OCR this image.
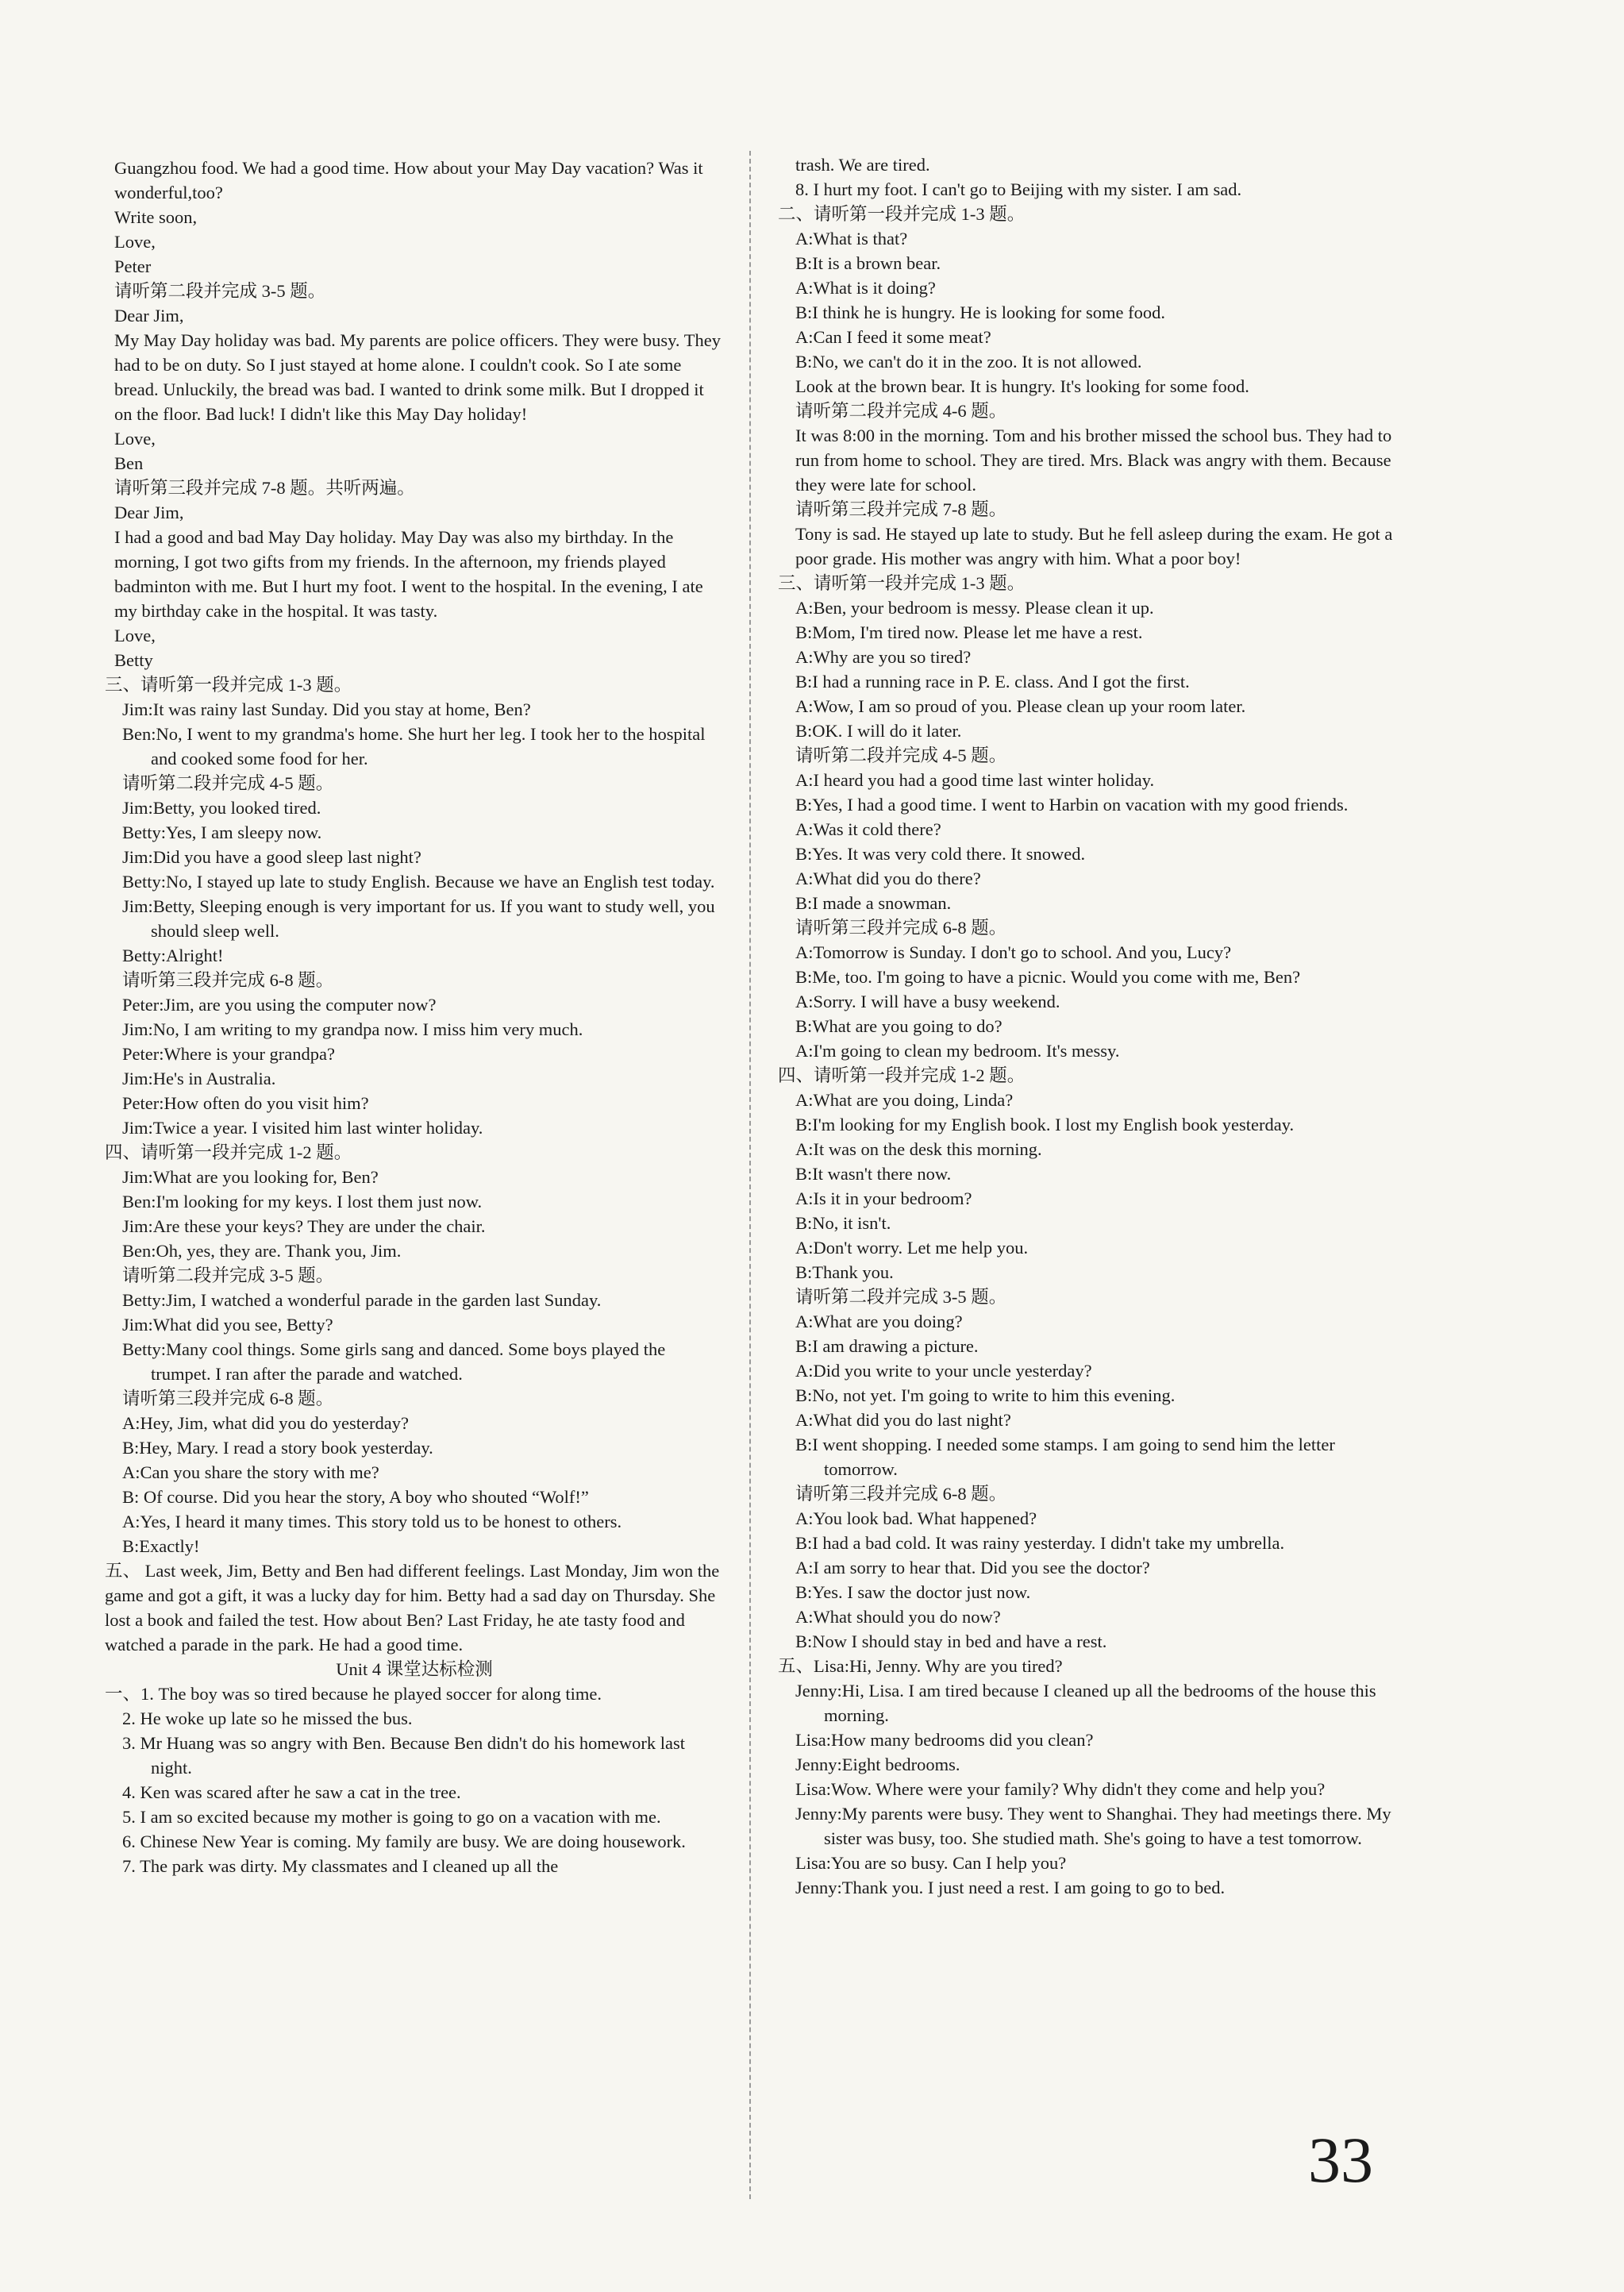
Guangzhou food. We had a good time. How about your May Day vacation? Was it wonderful,too?

Write soon,

Love,

Peter

请听第二段并完成 3-5 题。

Dear Jim,

My May Day holiday was bad. My parents are police officers. They were busy. They had to be on duty. So I just stayed at home alone. I couldn't cook. So I ate some bread. Unluckily, the bread was bad. I wanted to drink some milk. But I dropped it on the floor. Bad luck! I didn't like this May Day holiday!

Love,

Ben

请听第三段并完成 7-8 题。共听两遍。

Dear Jim,

I had a good and bad May Day holiday. May Day was also my birthday. In the morning, I got two gifts from my friends. In the afternoon, my friends played badminton with me. But I hurt my foot. I went to the hospital. In the evening, I ate my birthday cake in the hospital. It was tasty.

Love,

Betty

三、请听第一段并完成 1-3 题。

Jim:It was rainy last Sunday. Did you stay at home, Ben?

Ben:No, I went to my grandma's home. She hurt her leg. I took her to the hospital and cooked some food for her.

请听第二段并完成 4-5 题。

Jim:Betty, you looked tired.

Betty:Yes, I am sleepy now.

Jim:Did you have a good sleep last night?

Betty:No, I stayed up late to study English. Because we have an English test today.

Jim:Betty, Sleeping enough is very important for us. If you want to study well, you should sleep well.

Betty:Alright!

请听第三段并完成 6-8 题。

Peter:Jim, are you using the computer now?

Jim:No, I am writing to my grandpa now. I miss him very much.

Peter:Where is your grandpa?

Jim:He's in Australia.

Peter:How often do you visit him?

Jim:Twice a year. I visited him last winter holiday.

四、请听第一段并完成 1-2 题。

Jim:What are you looking for, Ben?

Ben:I'm looking for my keys. I lost them just now.

Jim:Are these your keys? They are under the chair.

Ben:Oh, yes, they are. Thank you, Jim.

请听第二段并完成 3-5 题。

Betty:Jim, I watched a wonderful parade in the garden last Sunday.

Jim:What did you see, Betty?

Betty:Many cool things. Some girls sang and danced. Some boys played the trumpet. I ran after the parade and watched.

请听第三段并完成 6-8 题。

A:Hey, Jim, what did you do yesterday?

B:Hey, Mary. I read a story book yesterday.

A:Can you share the story with me?

B: Of course. Did you hear the story, A boy who shouted “Wolf!”

A:Yes, I heard it many times. This story told us to be honest to others.

B:Exactly!

五、 Last week, Jim, Betty and Ben had different feelings. Last Monday, Jim won the game and got a gift, it was a lucky day for him. Betty had a sad day on Thursday. She lost a book and failed the test. How about Ben? Last Friday, he ate tasty food and watched a parade in the park. He had a good time.

Unit 4 课堂达标检测

一、1. The boy was so tired because he played soccer for along time.

2. He woke up late so he missed the bus.

3. Mr Huang was so angry with Ben. Because Ben didn't do his homework last night.

4. Ken was scared after he saw a cat in the tree.

5. I am so excited because my mother is going to go on a vacation with me.

6. Chinese New Year is coming. My family are busy. We are doing housework.

7. The park was dirty. My classmates and I cleaned up all the

trash. We are tired.

8. I hurt my foot. I can't go to Beijing with my sister. I am sad.

二、请听第一段并完成 1-3 题。

A:What is that?

B:It is a brown bear.

A:What is it doing?

B:I think he is hungry. He is looking for some food.

A:Can I feed it some meat?

B:No, we can't do it in the zoo. It is not allowed.

Look at the brown bear. It is hungry. It's looking for some food.

请听第二段并完成 4-6 题。

It was 8:00 in the morning. Tom and his brother missed the school bus. They had to run from home to school. They are tired. Mrs. Black was angry with them. Because they were late for school.

请听第三段并完成 7-8 题。

Tony is sad. He stayed up late to study. But he fell asleep during the exam. He got a poor grade. His mother was angry with him. What a poor boy!

三、请听第一段并完成 1-3 题。

A:Ben, your bedroom is messy. Please clean it up.

B:Mom, I'm tired now. Please let me have a rest.

A:Why are you so tired?

B:I had a running race in P. E. class. And I got the first.

A:Wow, I am so proud of you. Please clean up your room later.

B:OK. I will do it later.

请听第二段并完成 4-5 题。

A:I heard you had a good time last winter holiday.

B:Yes, I had a good time. I went to Harbin on vacation with my good friends.

A:Was it cold there?

B:Yes. It was very cold there. It snowed.

A:What did you do there?

B:I made a snowman.

请听第三段并完成 6-8 题。

A:Tomorrow is Sunday. I don't go to school. And you, Lucy?

B:Me, too. I'm going to have a picnic. Would you come with me, Ben?

A:Sorry. I will have a busy weekend.

B:What are you going to do?

A:I'm going to clean my bedroom. It's messy.

四、请听第一段并完成 1-2 题。

A:What are you doing, Linda?

B:I'm looking for my English book. I lost my English book yesterday.

A:It was on the desk this morning.

B:It wasn't there now.

A:Is it in your bedroom?

B:No, it isn't.

A:Don't worry. Let me help you.

B:Thank you.

请听第二段并完成 3-5 题。

A:What are you doing?

B:I am drawing a picture.

A:Did you write to your uncle yesterday?

B:No, not yet. I'm going to write to him this evening.

A:What did you do last night?

B:I went shopping. I needed some stamps. I am going to send him the letter tomorrow.

请听第三段并完成 6-8 题。

A:You look bad. What happened?

B:I had a bad cold. It was rainy yesterday. I didn't take my umbrella.

A:I am sorry to hear that. Did you see the doctor?

B:Yes. I saw the doctor just now.

A:What should you do now?

B:Now I should stay in bed and have a rest.

五、Lisa:Hi, Jenny. Why are you tired?

Jenny:Hi, Lisa. I am tired because I cleaned up all the bedrooms of the house this morning.

Lisa:How many bedrooms did you clean?

Jenny:Eight bedrooms.

Lisa:Wow. Where were your family? Why didn't they come and help you?

Jenny:My parents were busy. They went to Shanghai. They had meetings there. My sister was busy, too. She studied math. She's going to have a test tomorrow.

Lisa:You are so busy. Can I help you?

Jenny:Thank you. I just need a rest. I am going to go to bed.

33
